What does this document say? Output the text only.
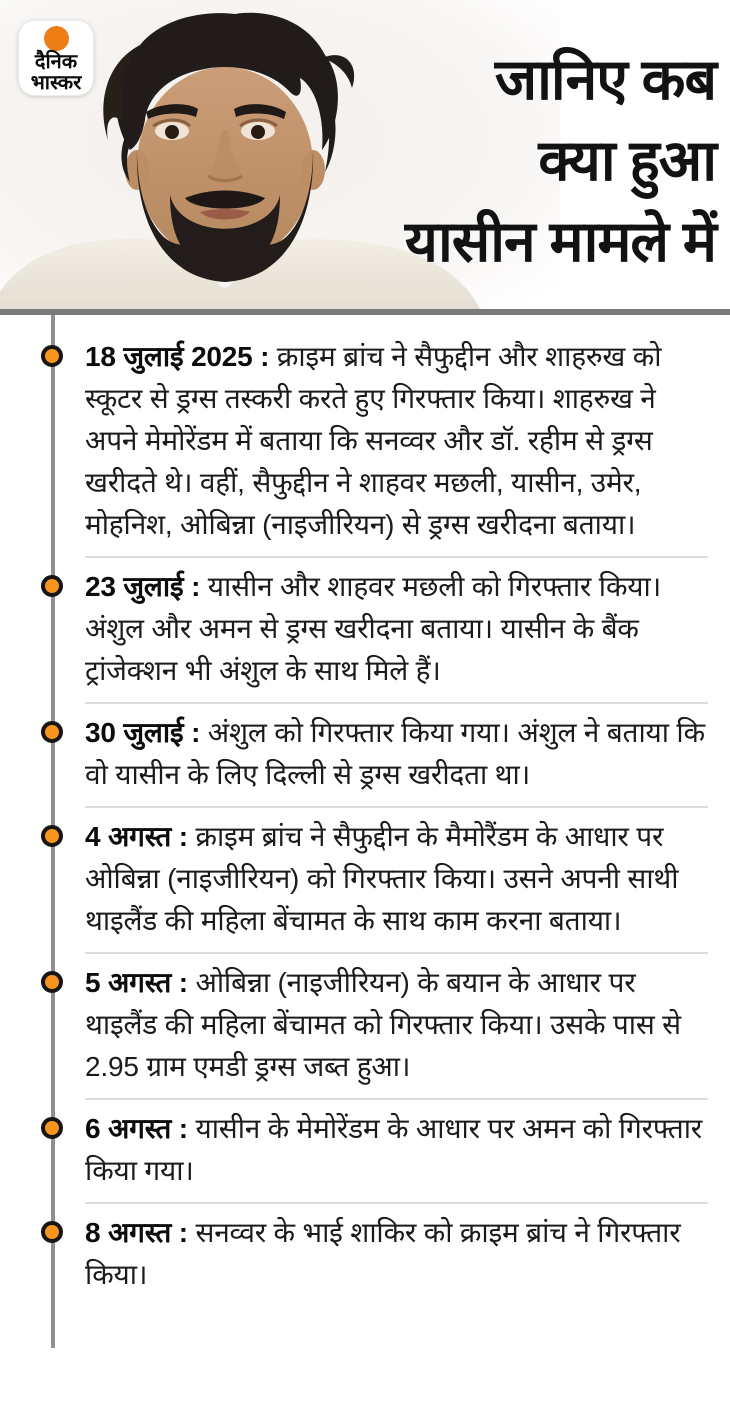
दैनिक
भास्कर	जानिए कब
क्या हुआ
यासीन मामले में

18 जुलाई 2025 : क्राइम ब्रांच ने सैफुद्दीन और शाहरुख को स्कूटर से ड्रग्स तस्करी करते हुए गिरफ्तार किया। शाहरुख ने अपने मेमोरेंडम में बताया कि सनव्वर और डॉ. रहीम से ड्रग्स खरीदते थे। वहीं, सैफुद्दीन ने शाहवर मछली, यासीन, उमेर, मोहनिश, ओबिन्ना (नाइजीरियन) से ड्रग्स खरीदना बताया।

23 जुलाई : यासीन और शाहवर मछली को गिरफ्तार किया। अंशुल और अमन से ड्रग्स खरीदना बताया। यासीन के बैंक ट्रांजेक्शन भी अंशुल के साथ मिले हैं।

30 जुलाई : अंशुल को गिरफ्तार किया गया। अंशुल ने बताया कि वो यासीन के लिए दिल्ली से ड्रग्स खरीदता था।

4 अगस्त : क्राइम ब्रांच ने सैफुद्दीन के मैमोरैंडम के आधार पर ओबिन्ना (नाइजीरियन) को गिरफ्तार किया। उसने अपनी साथी थाइलैंड की महिला बेंचामत के साथ काम करना बताया।

5 अगस्त : ओबिन्ना (नाइजीरियन) के बयान के आधार पर थाइलैंड की महिला बेंचामत को गिरफ्तार किया। उसके पास से 2.95 ग्राम एमडी ड्रग्स जब्त हुआ।

6 अगस्त : यासीन के मेमोरेंडम के आधार पर अमन को गिरफ्तार किया गया।

8 अगस्त : सनव्वर के भाई शाकिर को क्राइम ब्रांच ने गिरफ्तार किया।
